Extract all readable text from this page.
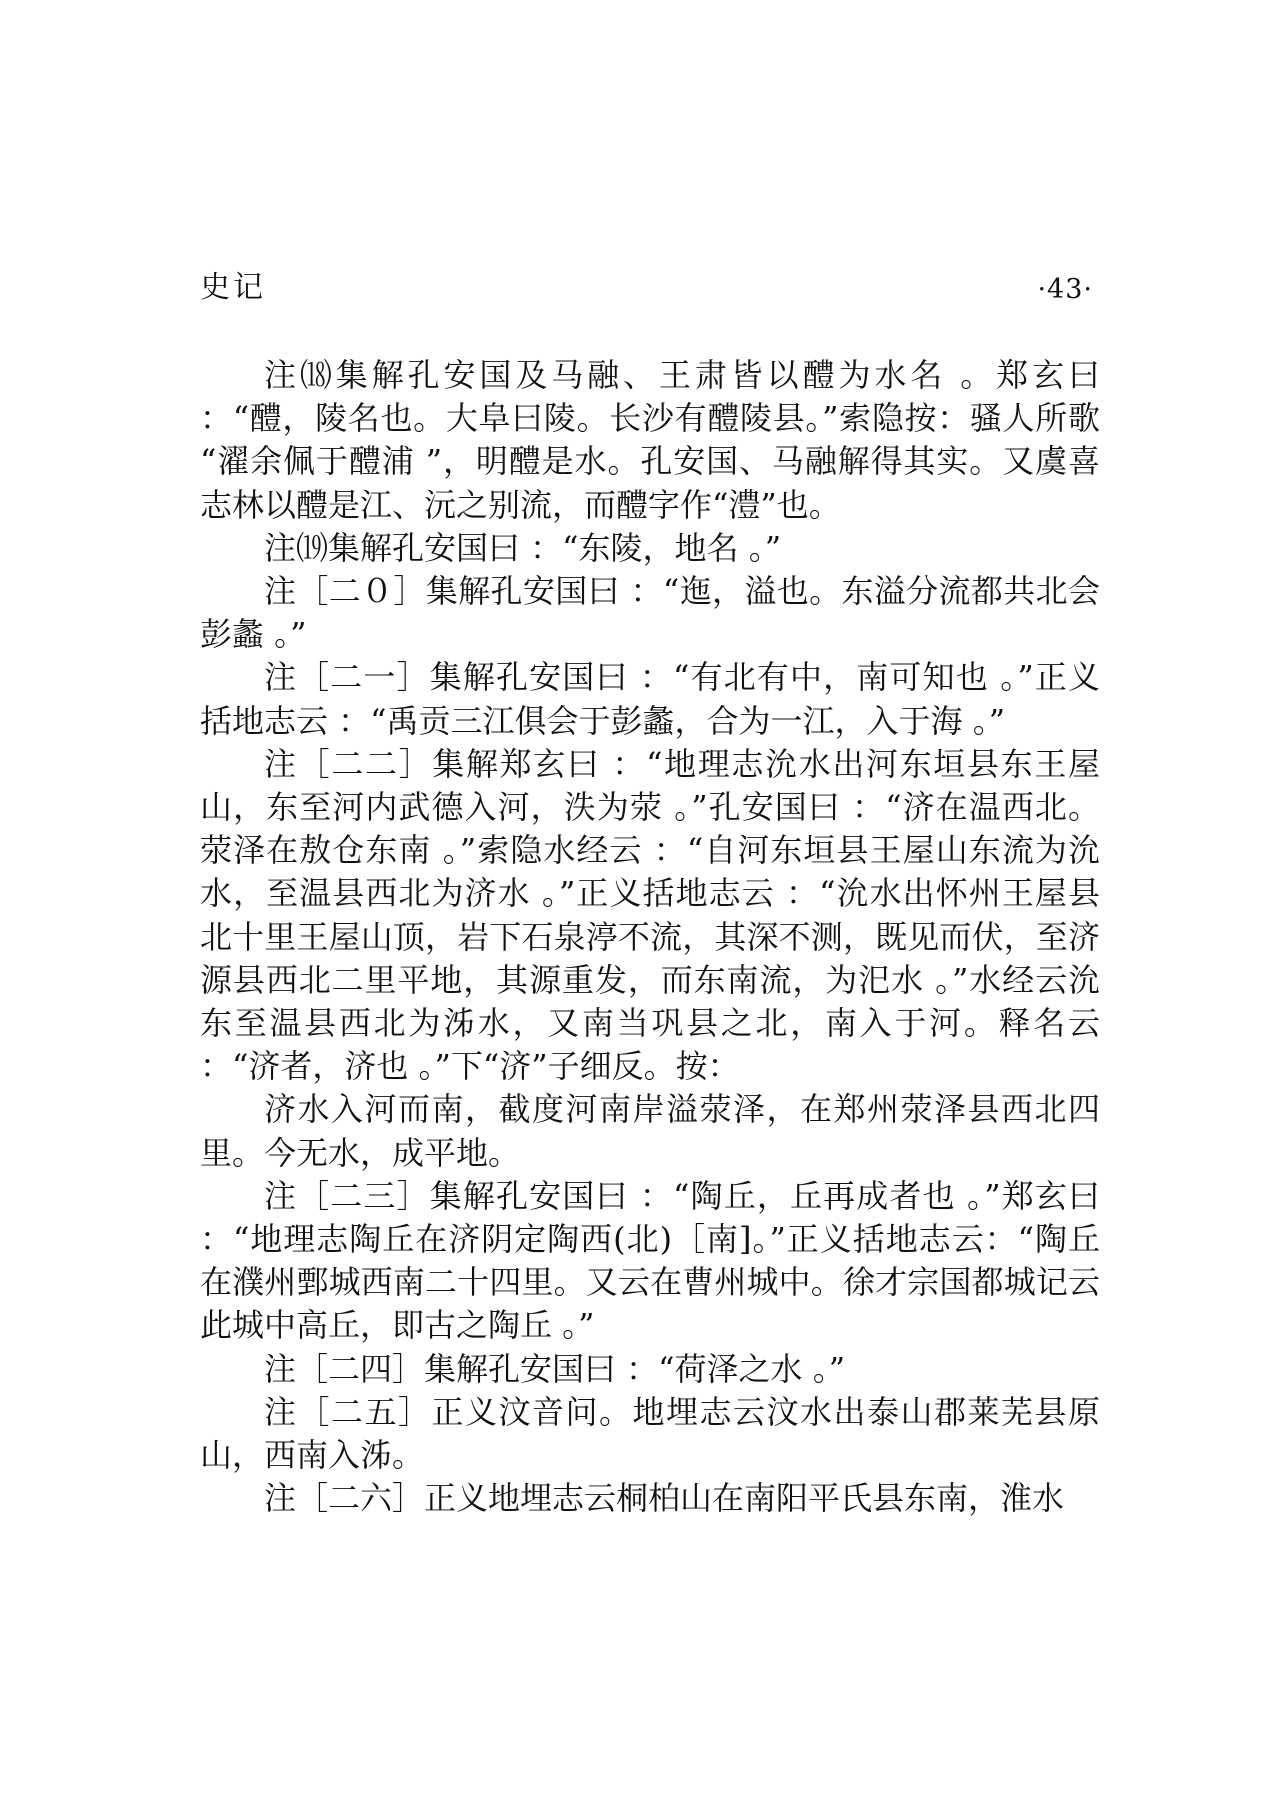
史记	·43·

注⒅集解孔安国及马融、王肃皆以醴为水名 。郑玄曰 ：“醴，陵名也。大阜曰陵。长沙有醴陵县。”索隐按：骚人所歌 “濯余佩于醴浦 ”，明醴是水。孔安国、马融解得其实。又虞喜志林以醴是江、沅之别流，而醴字作“澧”也。

注⒆集解孔安国曰 ：“东陵，地名 。”

注［二０］集解孔安国曰 ：“迤，溢也。东溢分流都共北会彭蠡 。”

注［二一］集解孔安国曰 ：“有北有中，南可知也 。”正义括地志云 ：“禹贡三江俱会于彭蠡，合为一江，入于海 。”

注［二二］集解郑玄曰 ：“地理志沇水出河东垣县东王屋山，东至河内武德入河，泆为荥 。”孔安国曰 ：“济在温西北。荥泽在敖仓东南 。”索隐水经云 ：“自河东垣县王屋山东流为沇水，至温县西北为济水 。”正义括地志云 ：“沇水出怀州王屋县北十里王屋山顶，岩下石泉渟不流，其深不测，既见而伏，至济源县西北二里平地，其源重发，而东南流，为汜水 。”水经云沇东至温县西北为泲水，又南当巩县之北，南入于河。释名云 ：“济者，济也 。”下“济”子细反。按：

济水入河而南，截度河南岸溢荥泽，在郑州荥泽县西北四里。今无水，成平地。

注［二三］集解孔安国曰 ：“陶丘，丘再成者也 。”郑玄曰 ：“地理志陶丘在济阴定陶西(北)［南]。”正义括地志云：“陶丘在濮州鄄城西南二十四里。又云在曹州城中。徐才宗国都城记云此城中高丘，即古之陶丘 。”

注［二四］集解孔安国曰 ：“荷泽之水 。”

注［二五］正义汶音问。地埋志云汶水出泰山郡莱芜县原山，西南入泲。

注［二六］正义地埋志云桐柏山在南阳平氏县东南，淮水
